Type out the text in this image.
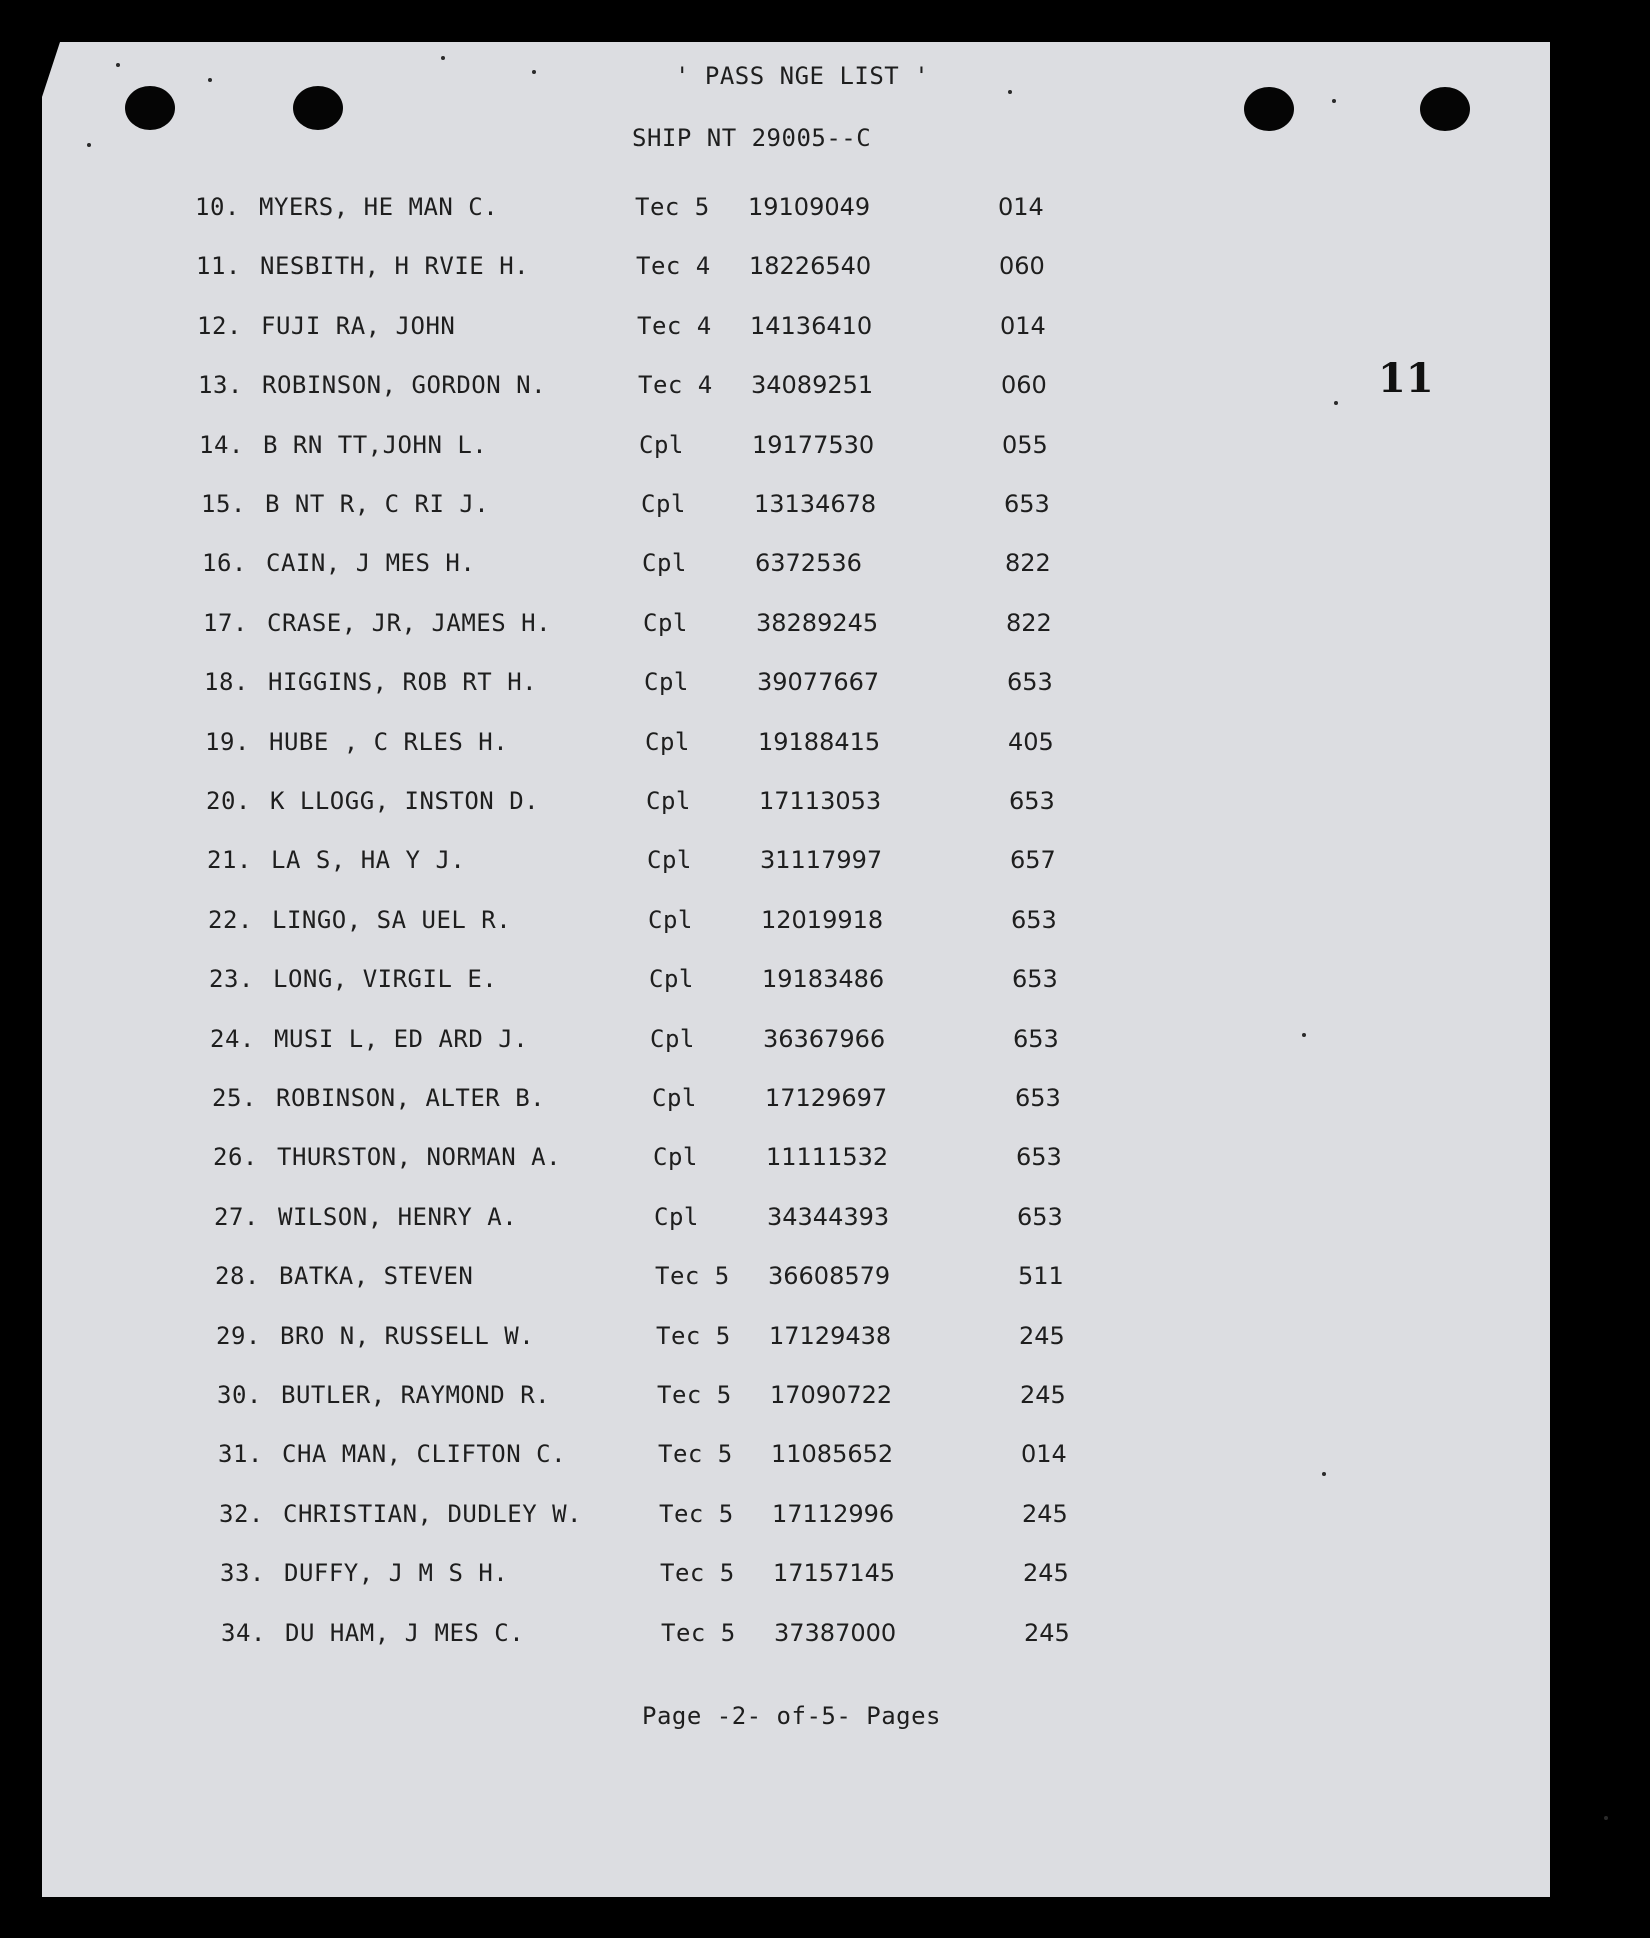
' PASS NGE LIST '
SHIP NT 29005--C
11
10. MYERS, HE MAN C.	Tec 5 19109049	014
11. NESBITH, H RVIE H.	Tec 4 18226540	060
12. FUJI RA, JOHN	Tec 4 14136410	014
13. ROBINSON, GORDON N.	Tec 4 34089251	060
14. B RN TT,JOHN L.	Cpl	19177530	055
15. B NT R, C RI J.	Cpl	13134678	653
16. CAIN, J MES H.	Cpl	6372536	822
17. CRASE, JR, JAMES H.	Cpl	38289245	822
18. HIGGINS, ROB RT H.	Cpl	39077667	653
19. HUBE , C RLES H.	Cpl	19188415	405
20. K LLOGG, INSTON D.	Cpl	17113053	653
21. LA S, HA Y J.	Cpl	31117997	657
22. LINGO, SA UEL R.	Cpl	12019918	653
23. LONG, VIRGIL E.	Cpl	19183486	653
24. MUSI L, ED ARD J.	Cpl	36367966	653
25. ROBINSON, ALTER B.	Cpl	17129697	653
26. THURSTON, NORMAN A.	Cpl	11111532	653
27. WILSON, HENRY A.	Cpl	34344393	653
28. BATKA, STEVEN	Tec 5 36608579	511
29. BRO N, RUSSELL W.	Tec 5 17129438	245
30. BUTLER, RAYMOND R.	Tec 5 17090722	245
31. CHA MAN, CLIFTON C.	Tec 5 11085652	014
32. CHRISTIAN, DUDLEY W.	Tec 5 17112996	245
33. DUFFY, J M S H.	Tec 5 17157145	245
34. DU HAM, J MES C.	Tec 5 37387000	245
Page -2- of-5- Pages
